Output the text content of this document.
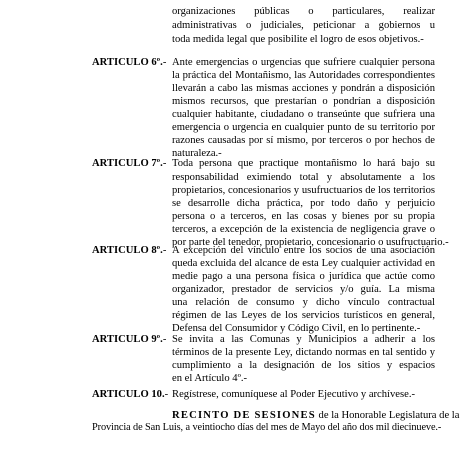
organizaciones públicas o particulares, realizar
administrativas o judiciales, peticionar a gobiernos u
toda medida legal que posibilite el logro de esos objetivos.-
ARTICULO 6º.- Ante emergencias o urgencias que sufriere cualquier persona
la práctica del Montañismo, las Autoridades correspondientes
llevarán a cabo las mismas acciones y pondrán a disposición
mismos recursos, que prestarían o pondrían a disposición
cualquier habitante, ciudadano o transeúnte que sufriera una
emergencia o urgencia en cualquier punto de su territorio por
razones causadas por sí mismo, por terceros o por hechos de
naturaleza.-
ARTICULO 7º.- Toda persona que practique montañismo lo hará bajo su
responsabilidad eximiendo total y absolutamente a los
propietarios, concesionarios y usufructuarios de los territorios
se desarrolle dicha práctica, por todo daño y perjuicio
persona o a terceros, en las cosas y bienes por su propia
terceros, a excepción de la existencia de negligencia grave o
por parte del tenedor, propietario, concesionario o usufructuario.-
ARTICULO 8º.- A excepción del vínculo entre los socios de una asociación
queda excluida del alcance de esta Ley cualquier actividad en
medie pago a una persona física o jurídica que actúe como
organizador, prestador de servicios y/o guía. La misma
una relación de consumo y dicho vínculo contractual
régimen de las Leyes de los servicios turísticos en general,
Defensa del Consumidor y Código Civil, en lo pertinente.-
ARTICULO 9º.- Se invita a las Comunas y Municipios a adherir a los
términos de la presente Ley, dictando normas en tal sentido y
cumplimiento a la designación de los sitios y espacios
en el Artículo 4º.-
ARTICULO 10.- Regístrese, comuníquese al Poder Ejecutivo y archívese.-
RECINTO DE SESIONES de la Honorable Legislatura de la
Provincia de San Luis, a veintiocho días del mes de Mayo del año dos mil diecinueve.-
